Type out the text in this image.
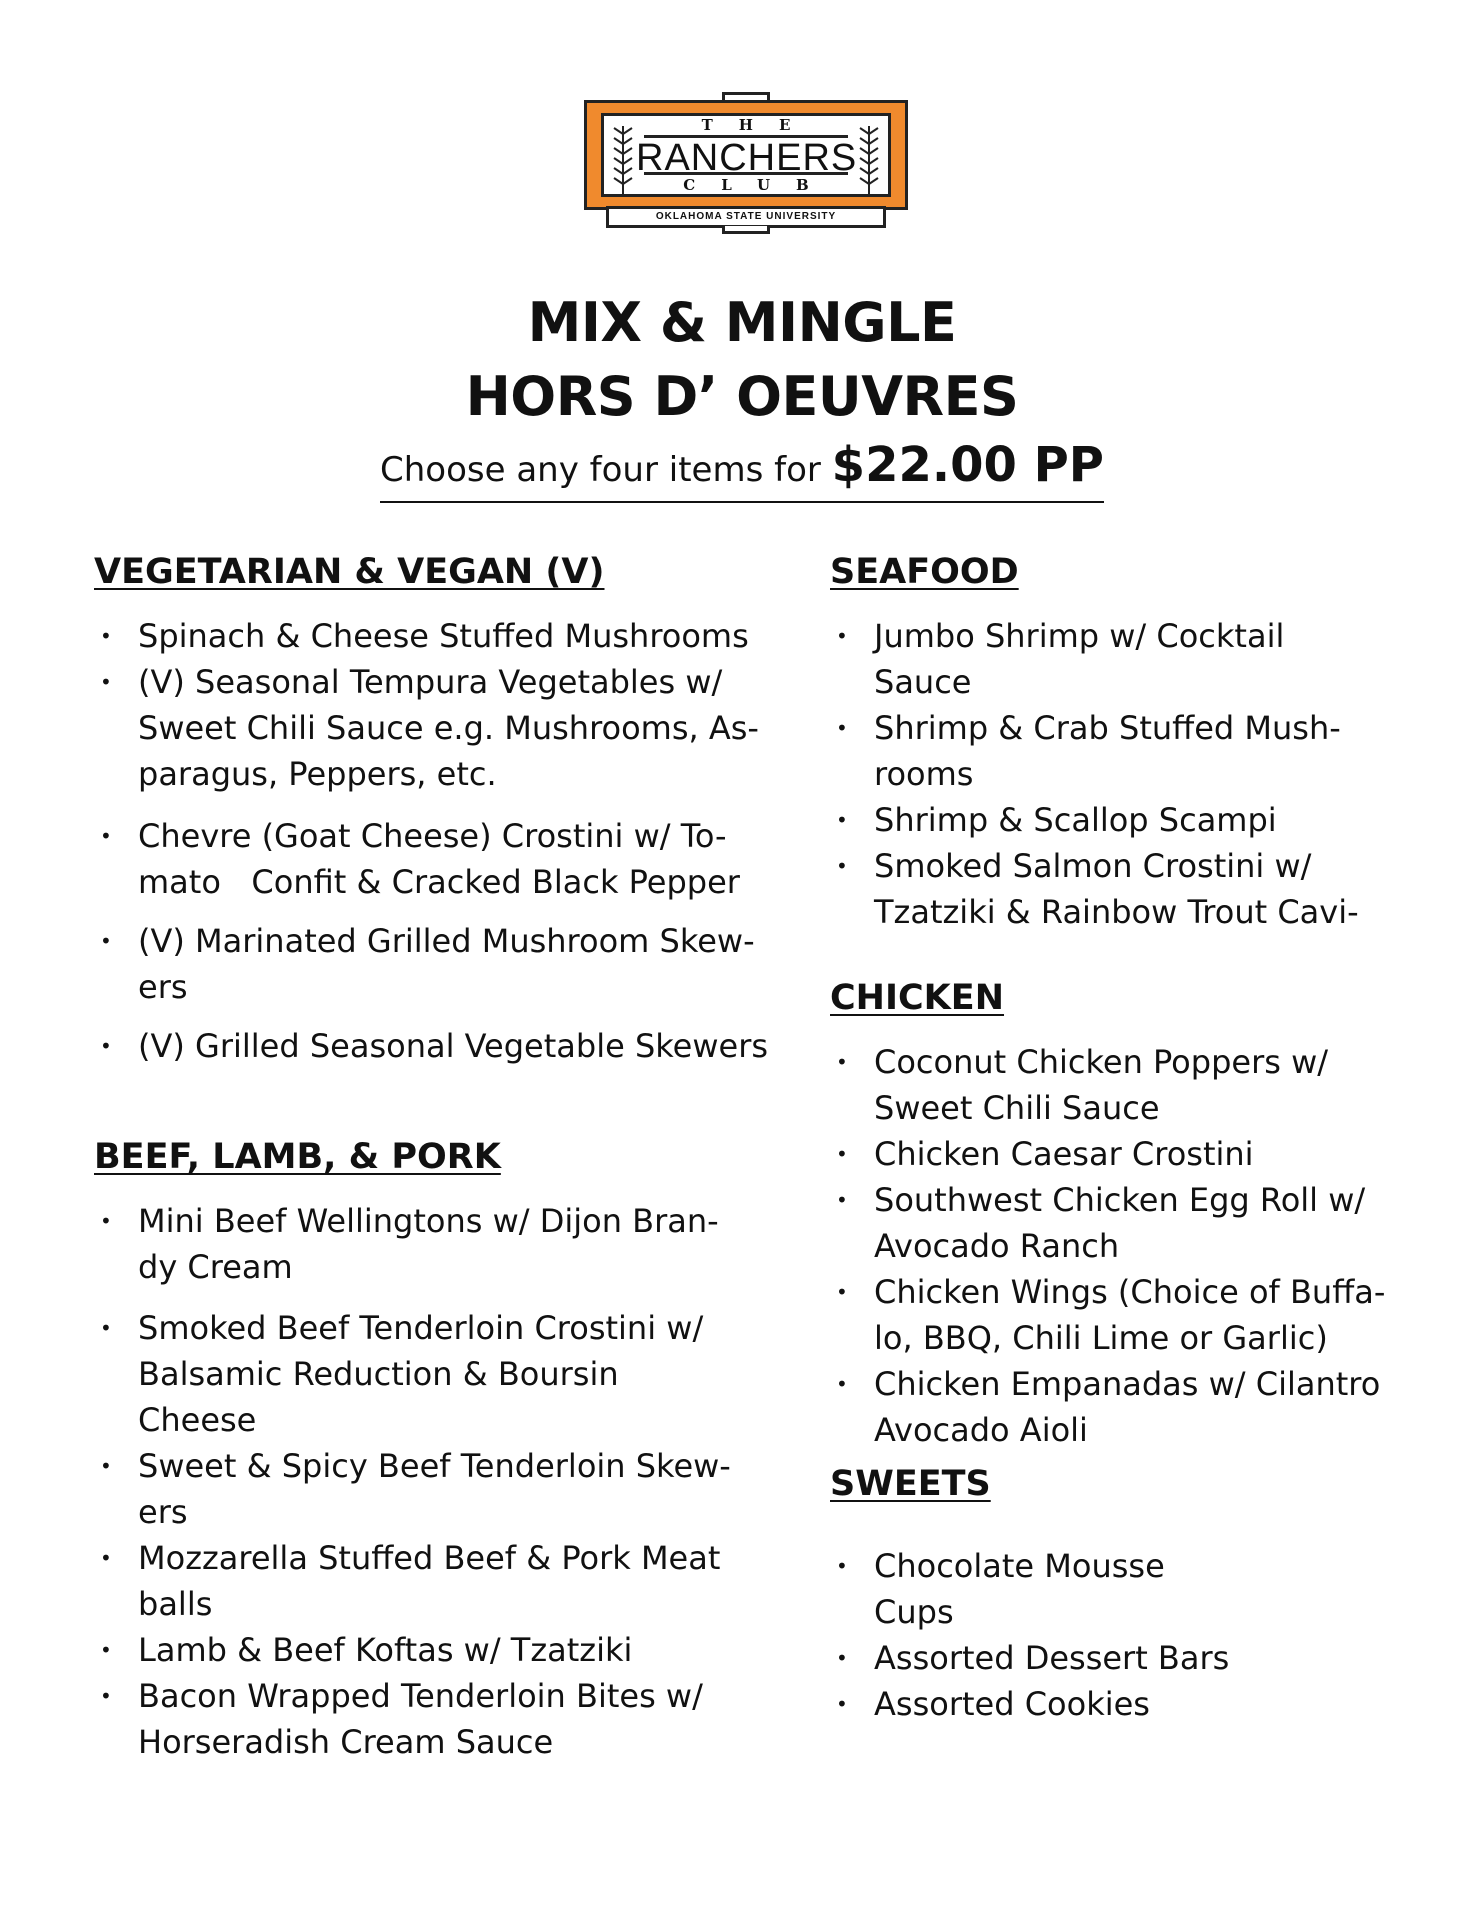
THE
RANCHERS
CLUB
OKLAHOMA STATE UNIVERSITY
MIX & MINGLE
HORS D’ OEUVRES
Choose any four items for $22.00 PP
VEGETARIAN & VEGAN (V)
• Spinach & Cheese Stuffed Mushrooms
• (V) Seasonal Tempura Vegetables w/
Sweet Chili Sauce e.g. Mushrooms, As-
paragus, Peppers, etc.
• Chevre (Goat Cheese) Crostini w/ To-
mato   Confit & Cracked Black Pepper
• (V) Marinated Grilled Mushroom Skew-
ers
• (V) Grilled Seasonal Vegetable Skewers
BEEF, LAMB, & PORK
• Mini Beef Wellingtons w/ Dijon Bran-
dy Cream
• Smoked Beef Tenderloin Crostini w/
Balsamic Reduction & Boursin
Cheese
• Sweet & Spicy Beef Tenderloin Skew-
ers
• Mozzarella Stuffed Beef & Pork Meat
balls
• Lamb & Beef Koftas w/ Tzatziki
• Bacon Wrapped Tenderloin Bites w/
Horseradish Cream Sauce
SEAFOOD
• Jumbo Shrimp w/ Cocktail
Sauce
• Shrimp & Crab Stuffed Mush-
rooms
• Shrimp & Scallop Scampi
• Smoked Salmon Crostini w/
Tzatziki & Rainbow Trout Cavi-
CHICKEN
• Coconut Chicken Poppers w/
Sweet Chili Sauce
• Chicken Caesar Crostini
• Southwest Chicken Egg Roll w/
Avocado Ranch
• Chicken Wings (Choice of Buffa-
lo, BBQ, Chili Lime or Garlic)
• Chicken Empanadas w/ Cilantro
Avocado Aioli
SWEETS
• Chocolate Mousse
Cups
• Assorted Dessert Bars
• Assorted Cookies
